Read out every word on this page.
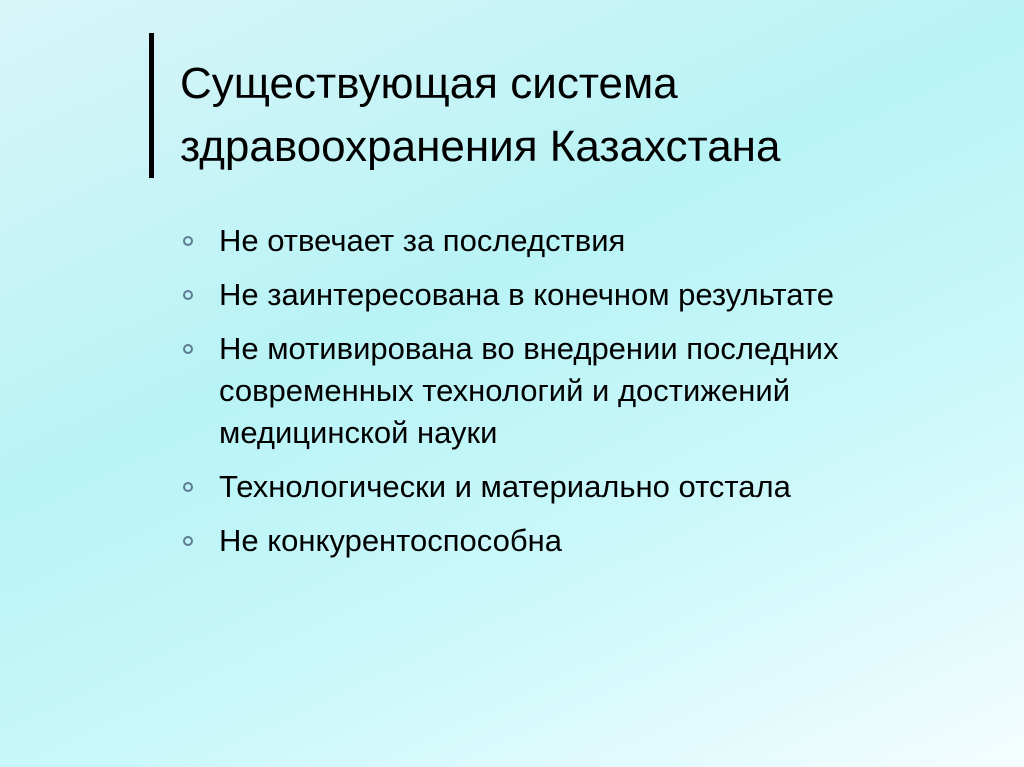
Существующая система здравоохранения Казахстана
Не отвечает за последствия
Не заинтересована в конечном результате
Не мотивирована во внедрении последних современных технологий и достижений медицинской науки
Технологически и материально отстала
Не конкурентоспособна
